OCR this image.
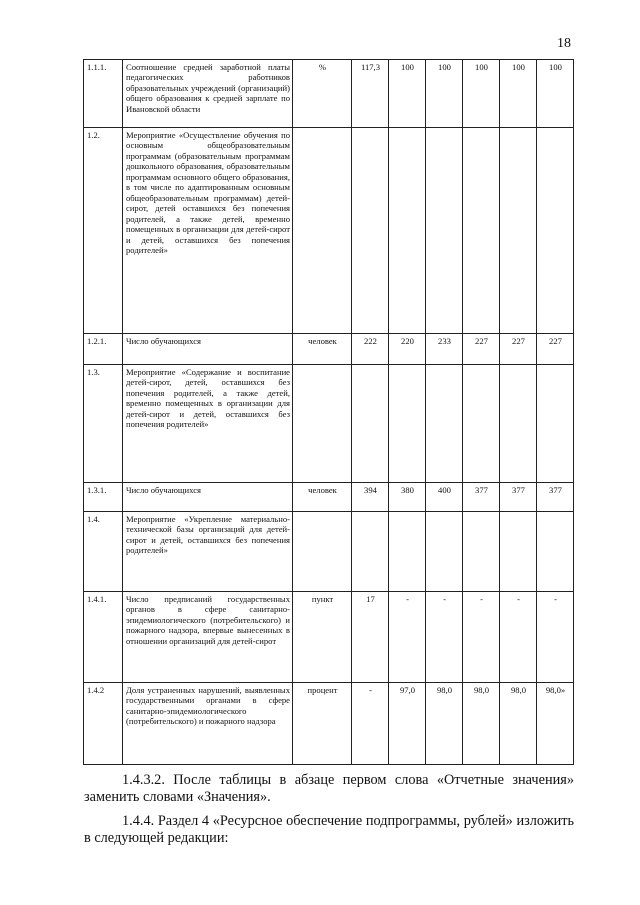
18
1.1.1.	Соотношение средней заработной платы педагогических работников образовательных учреждений (организаций) общего образования к средней зарплате по Ивановской области	%	117,3	100	100	100	100	100
1.2.	Мероприятие «Осуществление обучения по основным общеобразовательным программам (образовательным программам дошкольного образования, образовательным программам основного общего образования, в том числе по адаптированным основным общеобразовательным программам) детей-сирот, детей оставшихся без попечения родителей, а также детей, временно помещенных в организации для детей-сирот и детей, оставшихся без попечения родителей»							
1.2.1.	Число обучающихся	человек	222	220	233	227	227	227
1.3.	Мероприятие «Содержание и воспитание детей-сирот, детей, оставшихся без попечения родителей, а также детей, временно помещенных в организации для детей-сирот и детей, оставшихся без попечения родителей»							
1.3.1.	Число обучающихся	человек	394	380	400	377	377	377
1.4.	Мероприятие «Укрепление материально-технической базы организаций для детей-сирот и детей, оставшихся без попечения родителей»							
1.4.1.	Число предписаний государственных органов в сфере санитарно-эпидемиологического (потребительского) и пожарного надзора, впервые вынесенных в отношении организаций для детей-сирот	пункт	17	-	-	-	-	-
1.4.2	Доля устраненных нарушений, выявленных государственными органами в сфере санитарно-эпидемиологического (потребительского) и пожарного надзора	процент	-	97,0	98,0	98,0	98,0	98,0»

1.4.3.2. После таблицы в абзаце первом слова «Отчетные значения» заменить словами «Значения».

1.4.4. Раздел 4 «Ресурсное обеспечение подпрограммы, рублей» изложить в следующей редакции:
